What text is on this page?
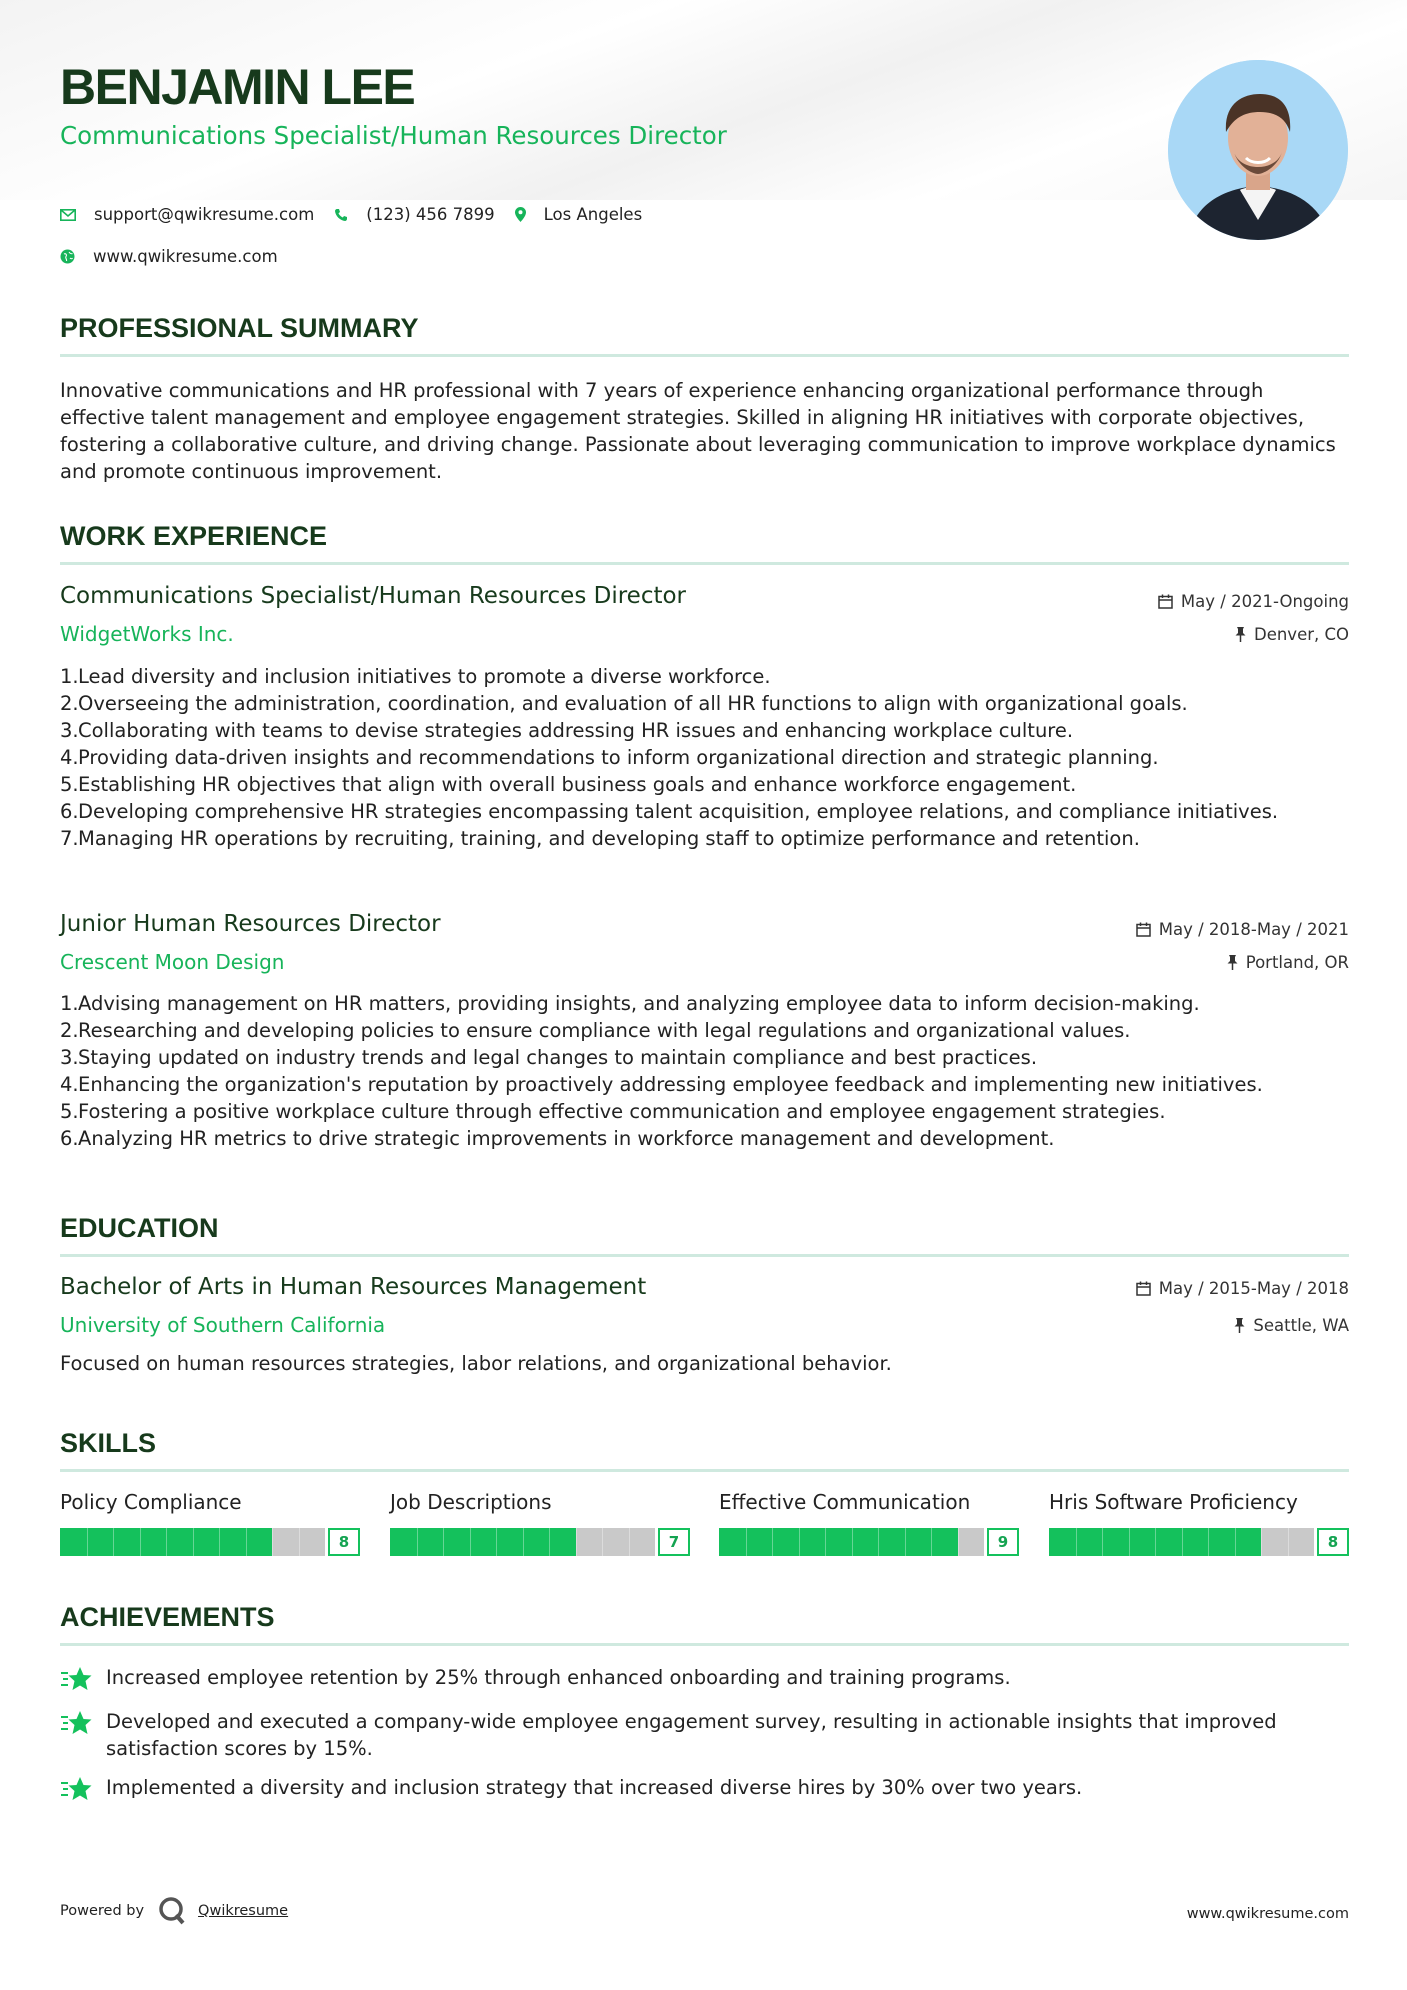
BENJAMIN LEE
Communications Specialist/Human Resources Director
support@qwikresume.com	(123) 456 7899	Los Angeles
www.qwikresume.com
PROFESSIONAL SUMMARY
Innovative communications and HR professional with 7 years of experience enhancing organizational performance through effective talent management and employee engagement strategies. Skilled in aligning HR initiatives with corporate objectives, fostering a collaborative culture, and driving change. Passionate about leveraging communication to improve workplace dynamics and promote continuous improvement.
WORK EXPERIENCE
Communications Specialist/Human Resources Director	May / 2021-Ongoing
WidgetWorks Inc.	Denver, CO
1. Lead diversity and inclusion initiatives to promote a diverse workforce.
2. Overseeing the administration, coordination, and evaluation of all HR functions to align with organizational goals.
3. Collaborating with teams to devise strategies addressing HR issues and enhancing workplace culture.
4. Providing data-driven insights and recommendations to inform organizational direction and strategic planning.
5. Establishing HR objectives that align with overall business goals and enhance workforce engagement.
6. Developing comprehensive HR strategies encompassing talent acquisition, employee relations, and compliance initiatives.
7. Managing HR operations by recruiting, training, and developing staff to optimize performance and retention.
Junior Human Resources Director	May / 2018-May / 2021
Crescent Moon Design	Portland, OR
1. Advising management on HR matters, providing insights, and analyzing employee data to inform decision-making.
2. Researching and developing policies to ensure compliance with legal regulations and organizational values.
3. Staying updated on industry trends and legal changes to maintain compliance and best practices.
4. Enhancing the organization's reputation by proactively addressing employee feedback and implementing new initiatives.
5. Fostering a positive workplace culture through effective communication and employee engagement strategies.
6. Analyzing HR metrics to drive strategic improvements in workforce management and development.
EDUCATION
Bachelor of Arts in Human Resources Management	May / 2015-May / 2018
University of Southern California	Seattle, WA
Focused on human resources strategies, labor relations, and organizational behavior.
SKILLS
Policy Compliance
8
Job Descriptions
7
Effective Communication
9
Hris Software Proficiency
8
ACHIEVEMENTS
Increased employee retention by 25% through enhanced onboarding and training programs.
Developed and executed a company-wide employee engagement survey, resulting in actionable insights that improved satisfaction scores by 15%.
Implemented a diversity and inclusion strategy that increased diverse hires by 30% over two years.
Powered by	Qwikresume	www.qwikresume.com
